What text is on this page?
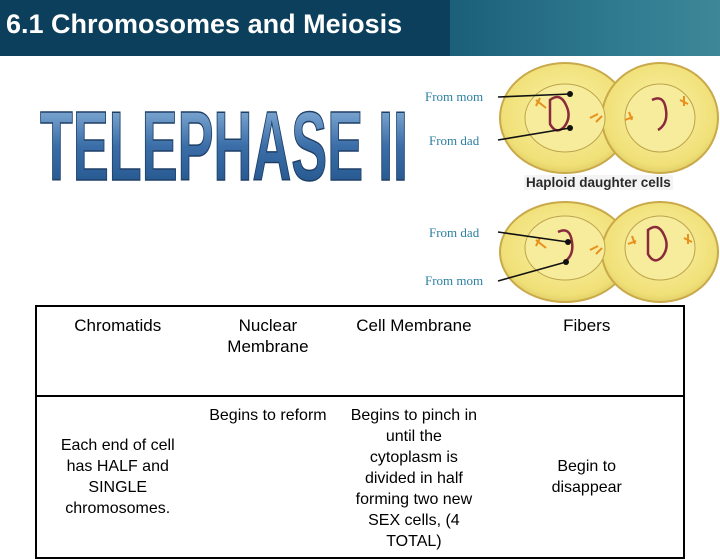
6.1 Chromosomes and Meiosis
TELEPHASE II From mom
From dad
From dad
From mom
Haploid daughter cells
Chromatids	Nuclear Membrane	Cell Membrane	Fibers
Each end of cell has HALF and SINGLE chromosomes.	Begins to reform	Begins to pinch in until the cytoplasm is divided in half forming two new SEX cells, (4 TOTAL)	Begin to disappear
